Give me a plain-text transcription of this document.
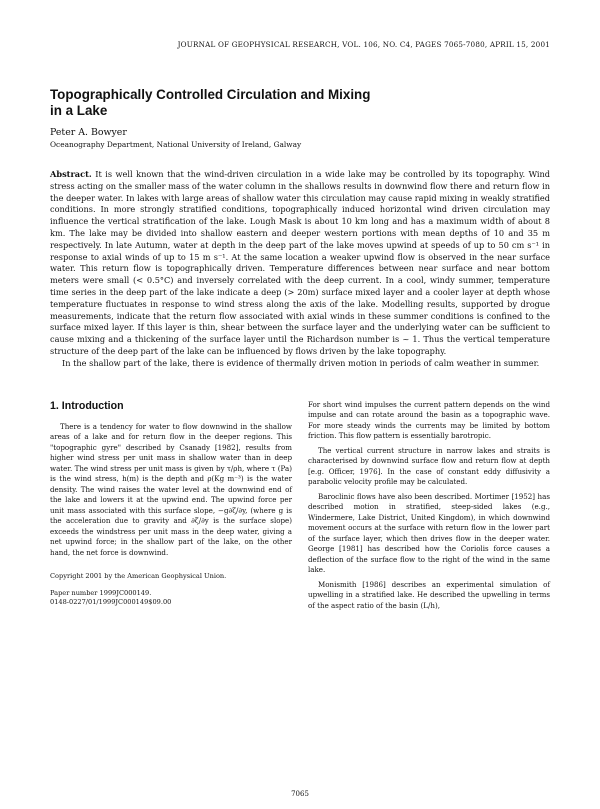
JOURNAL OF GEOPHYSICAL RESEARCH, VOL. 106, NO. C4, PAGES 7065-7080, APRIL 15, 2001
Topographically Controlled Circulation and Mixing
in a Lake
Peter A. Bowyer
Oceanography Department, National University of Ireland, Galway

Abstract. It is well known that the wind-driven circulation in a wide lake may be controlled by its topography. Wind stress acting on the smaller mass of the water column in the shallows results in downwind flow there and return flow in the deeper water. In lakes with large areas of shallow water this circulation may cause rapid mixing in weakly stratified conditions. In more strongly stratified conditions, topographically induced horizontal wind driven circulation may influence the vertical stratification of the lake. Lough Mask is about 10 km long and has a maximum width of about 8 km. The lake may be divided into shallow eastern and deeper western portions with mean depths of 10 and 35 m respectively. In late Autumn, water at depth in the deep part of the lake moves upwind at speeds of up to 50 cm s⁻¹ in response to axial winds of up to 15 m s⁻¹. At the same location a weaker upwind flow is observed in the near surface water. This return flow is topographically driven. Temperature differences between near surface and near bottom meters were small (< 0.5°C) and inversely correlated with the deep current. In a cool, windy summer, temperature time series in the deep part of the lake indicate a deep (> 20m) surface mixed layer and a cooler layer at depth whose temperature fluctuates in response to wind stress along the axis of the lake. Modelling results, supported by drogue measurements, indicate that the return flow associated with axial winds in these summer conditions is confined to the surface mixed layer. If this layer is thin, shear between the surface layer and the underlying water can be sufficient to cause mixing and a thickening of the surface layer until the Richardson number is ~ 1. Thus the vertical temperature structure of the deep part of the lake can be influenced by flows driven by the lake topography.

In the shallow part of the lake, there is evidence of thermally driven motion in periods of calm weather in summer.

1. Introduction

There is a tendency for water to flow downwind in the shallow areas of a lake and for return flow in the deeper regions. This "topographic gyre" described by Csanady [1982], results from higher wind stress per unit mass in shallow water than in deep water. The wind stress per unit mass is given by τ/ρh, where τ (Pa) is the wind stress, h(m) is the depth and ρ(Kg m⁻³) is the water density. The wind raises the water level at the downwind end of the lake and lowers it at the upwind end. The upwind force per unit mass associated with this surface slope, −g∂ζ/∂y, (where g is the acceleration due to gravity and ∂ζ/∂y is the surface slope) exceeds the windstress per unit mass in the deep water, giving a net upwind force; in the shallow part of the lake, on the other hand, the net force is downwind.

Copyright 2001 by the American Geophysical Union.
Paper number 1999JC000149.
0148-0227/01/1999JC000149$09.00

For short wind impulses the current pattern depends on the wind impulse and can rotate around the basin as a topographic wave. For more steady winds the currents may be limited by bottom friction. This flow pattern is essentially barotropic.

The vertical current structure in narrow lakes and straits is characterised by downwind surface flow and return flow at depth [e.g. Officer, 1976]. In the case of constant eddy diffusivity a parabolic velocity profile may be calculated.

Baroclinic flows have also been described. Mortimer [1952] has described motion in stratified, steep-sided lakes (e.g., Windermere, Lake District, United Kingdom), in which downwind movement occurs at the surface with return flow in the lower part of the surface layer, which then drives flow in the deeper water. George [1981] has described how the Coriolis force causes a deflection of the surface flow to the right of the wind in the same lake.

Monismith [1986] describes an experimental simulation of upwelling in a stratified lake. He described the upwelling in terms of the aspect ratio of the basin (L/h),

7065
